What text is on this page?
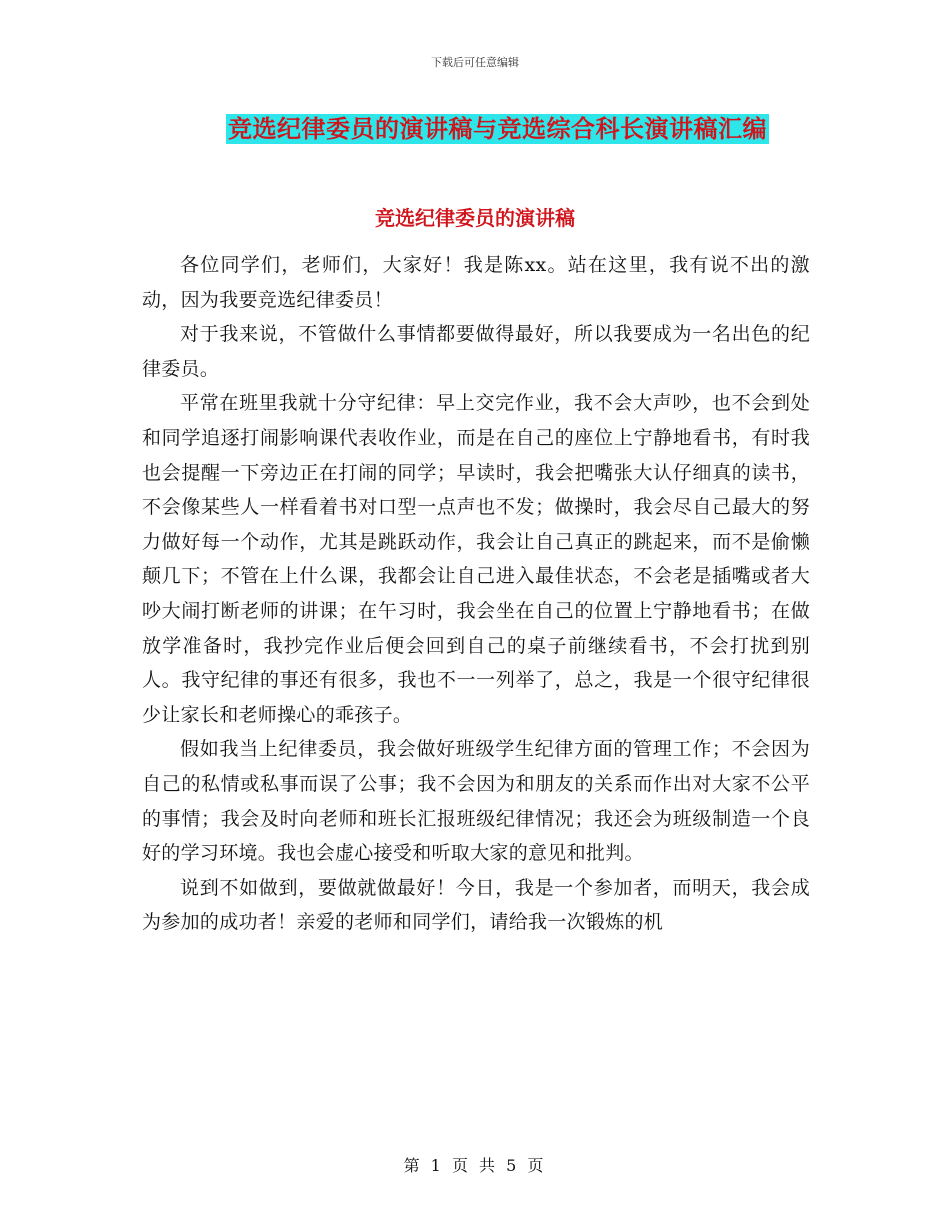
下载后可任意编辑
竞选纪律委员的演讲稿与竞选综合科长演讲稿汇编
竞选纪律委员的演讲稿

各位同学们，老师们，大家好！我是陈xx。站在这里，我有说不出的激动，因为我要竞选纪律委员！

对于我来说，不管做什么事情都要做得最好，所以我要成为一名出色的纪律委员。

平常在班里我就十分守纪律：早上交完作业，我不会大声吵，也不会到处和同学追逐打闹影响课代表收作业，而是在自己的座位上宁静地看书，有时我也会提醒一下旁边正在打闹的同学；早读时，我会把嘴张大认仔细真的读书，不会像某些人一样看着书对口型一点声也不发；做操时，我会尽自己最大的努力做好每一个动作，尤其是跳跃动作，我会让自己真正的跳起来，而不是偷懒颠几下；不管在上什么课，我都会让自己进入最佳状态，不会老是插嘴或者大吵大闹打断老师的讲课；在午习时，我会坐在自己的位置上宁静地看书；在做放学准备时，我抄完作业后便会回到自己的桌子前继续看书，不会打扰到别人。我守纪律的事还有很多，我也不一一列举了，总之，我是一个很守纪律很少让家长和老师操心的乖孩子。

假如我当上纪律委员，我会做好班级学生纪律方面的管理工作；不会因为自己的私情或私事而误了公事；我不会因为和朋友的关系而作出对大家不公平的事情；我会及时向老师和班长汇报班级纪律情况；我还会为班级制造一个良好的学习环境。我也会虚心接受和听取大家的意见和批判。

说到不如做到，要做就做最好！今日，我是一个参加者，而明天，我会成为参加的成功者！亲爱的老师和同学们，请给我一次锻炼的机

第 1 页 共 5 页
